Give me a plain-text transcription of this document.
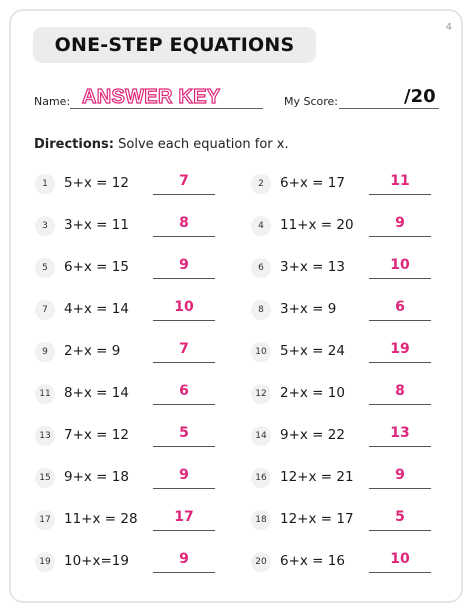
4
ONE-STEP EQUATIONS
Name: ANSWER KEY	My Score:	/20
Directions: Solve each equation for x.
1	5+x = 12	7	2	6+x = 17	11
3	3+x = 11	8	4	11+x = 20	9
5	6+x = 15	9	6	3+x = 13	10
7	4+x = 14	10	8	3+x = 9	6
9	2+x = 9	7	10 5+x = 24	19
11 8+x = 14	6	12 2+x = 10	8
13 7+x = 12	5	14 9+x = 22	13
15 9+x = 18	9	16 12+x = 21	9
17 11+x = 28	17	18 12+x = 17	5
19 10+x=19	9	20 6+x = 16	10
